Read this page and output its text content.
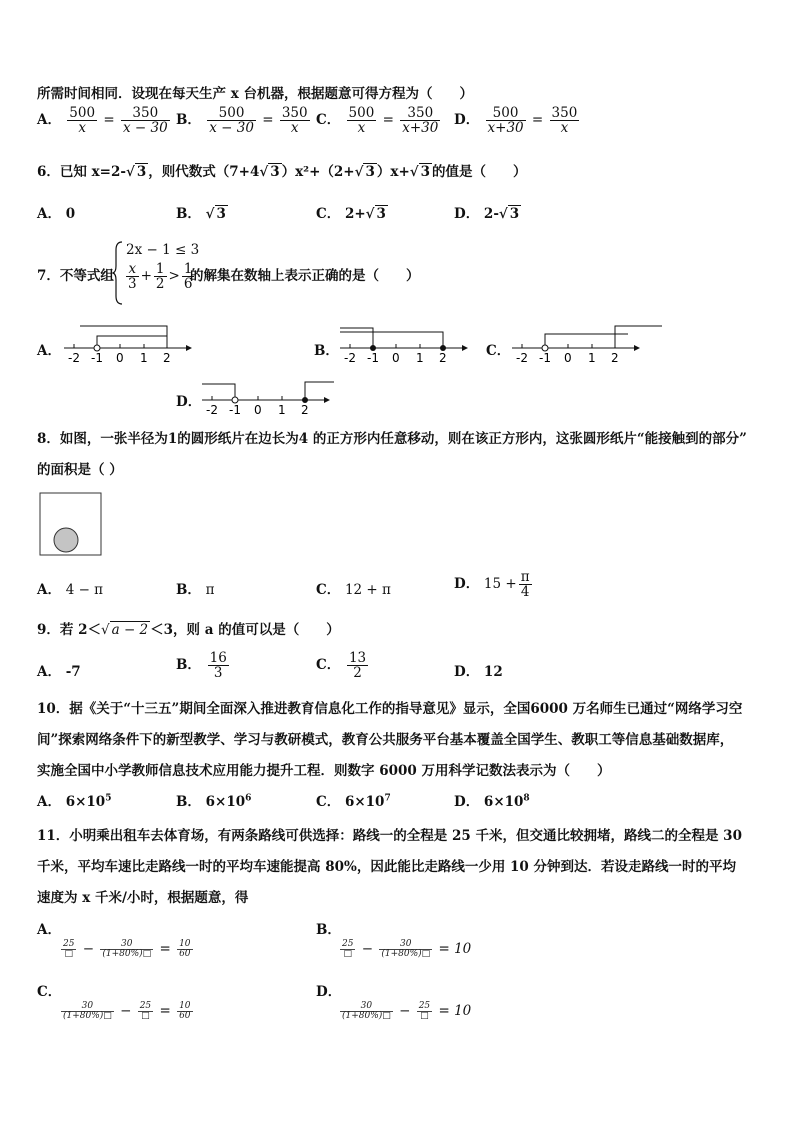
所需时间相同．设现在每天生产 x 台机器，根据题意可得方程为（　　）
A． $\frac{500}{x} = \frac{350}{x - 30}$ B． $\frac{500}{x - 30} = \frac{350}{x}$ C． $\frac{500}{x} = \frac{350}{x+30}$ D． $\frac{500}{x+30} = \frac{350}{x}$
6．已知 x=2- √ 3 ，则代数式（7+4 √ 3 ）x²+（2+ √ 3 ）x+ √ 3 的值是（　　）
A． 0	B． √ 3	C． 2+ √ 3	D． 2- √ 3
7．不等式组
2x − 1 ≤ 3
$\frac{x}{3} + \frac{1}{2} > \frac{1}{6}$
的解集在数轴上表示正确的是（　　）
A． -2 -1 0 1 2	B． -2 -1 0 1 2	C． -2 -1 0 1 2
D． -2 -1 0 1 2
8．如图，一张半径为1的圆形纸片在边长为4 的正方形内任意移动，则在该正方形内，这张圆形纸片“能接触到的部分”
的面积是（ ）
A． 4 − π	B． π	C． 12 + π	D． $15 + \frac{\pi}{4}$
9．若 2＜ √ a − 2 ＜3，则 a 的值可以是（　　）
A． -7	B． $\frac{16}{3}$	C． $\frac{13}{2}$	D． 12
10．据《关于“十三五”期间全面深入推进教育信息化工作的指导意见》显示，全国6000 万名师生已通过“网络学习空
间”探索网络条件下的新型教学、学习与教研模式，教育公共服务平台基本覆盖全国学生、教职工等信息基础数据库，
实施全国中小学教师信息技术应用能力提升工程．则数字 6000 万用科学记数法表示为（　　）
A． $6\times 10^5$	B． $6\times 10^6$	C． $6\times 10^7$	D． $6\times 10^8$
11．小明乘出租车去体育场，有两条路线可供选择：路线一的全程是 25 千米，但交通比较拥堵，路线二的全程是 30
千米，平均车速比走路线一时的平均车速能提高 80%，因此能比走路线一少用 10 分钟到达．若设走路线一时的平均
速度为 x 千米/小时，根据题意，得
A．
25
□ − $\frac{30}{(1+80\%)□} = \frac{10}{60}$
B．
25
□ − $\frac{30}{(1+80\%)□} = 10$
C．
$\frac{30}{(1+80\%)□} - 25$
□ = $\frac{10}{60}$
D．
$\frac{30}{(1+80\%)□} - 25$
□ = 10
